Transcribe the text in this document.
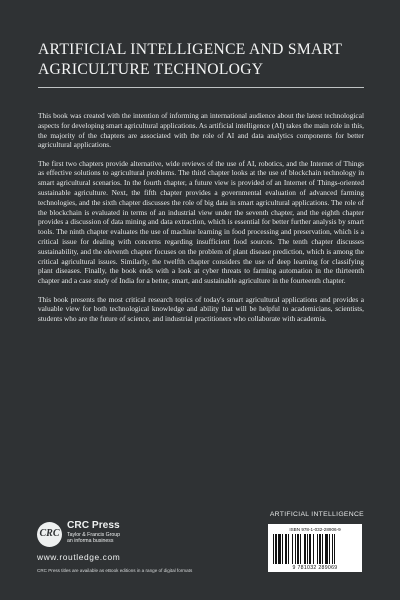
ARTIFICIAL INTELLIGENCE AND SMART AGRICULTURE TECHNOLOGY

This book was created with the intention of informing an international audience about the latest technological aspects for developing smart agricultural applications. As artificial intelligence (AI) takes the main role in this, the majority of the chapters are associated with the role of AI and data analytics components for better agricultural applications.

The first two chapters provide alternative, wide reviews of the use of AI, robotics, and the Internet of Things as effective solutions to agricultural problems. The third chapter looks at the use of blockchain technology in smart agricultural scenarios. In the fourth chapter, a future view is provided of an Internet of Things-oriented sustainable agriculture. Next, the fifth chapter provides a governmental evaluation of advanced farming technologies, and the sixth chapter discusses the role of big data in smart agricultural applications. The role of the blockchain is evaluated in terms of an industrial view under the seventh chapter, and the eighth chapter provides a discussion of data mining and data extraction, which is essential for better further analysis by smart tools. The ninth chapter evaluates the use of machine learning in food processing and preservation, which is a critical issue for dealing with concerns regarding insufficient food sources. The tenth chapter discusses sustainability, and the eleventh chapter focuses on the problem of plant disease prediction, which is among the critical agricultural issues. Similarly, the twelfth chapter considers the use of deep learning for classifying plant diseases. Finally, the book ends with a look at cyber threats to farming automation in the thirteenth chapter and a case study of India for a better, smart, and sustainable agriculture in the fourteenth chapter.

This book presents the most critical research topics of today's smart agricultural applications and provides a valuable view for both technological knowledge and ability that will be helpful to academicians, scientists, students who are the future of science, and industrial practitioners who collaborate with academia.

ARTIFICIAL INTELLIGENCE
ISBN 978-1-032-28906-9
9 781032 289069
CRC
CRC Press
Taylor & Francis Group
an informa business
www.routledge.com
CRC Press titles are available as eBook editions in a range of digital formats
